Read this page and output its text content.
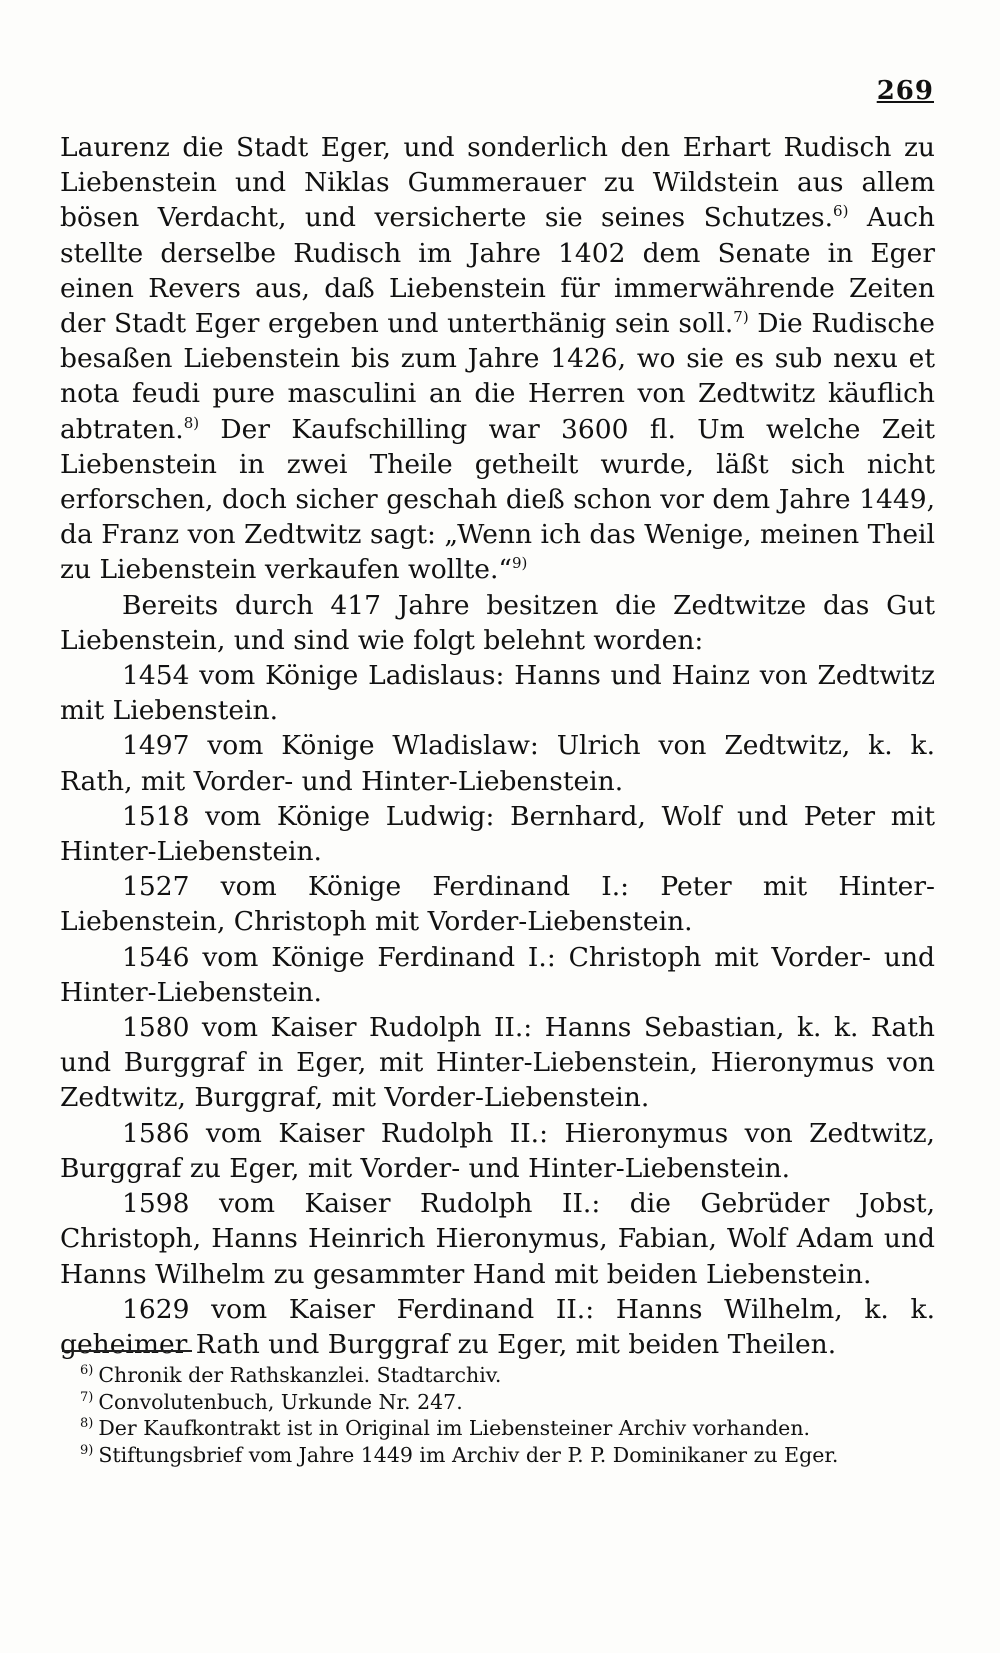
269

Laurenz die Stadt Eger, und sonderlich den Erhart Rudisch zu Liebenstein und Niklas Gummerauer zu Wildstein aus allem bösen Verdacht, und versicherte sie seines Schutzes.$^{6)}$ Auch stellte derselbe Rudisch im Jahre 1402 dem Senate in Eger einen Revers aus, daß Liebenstein für immerwährende Zeiten der Stadt Eger ergeben und unterthänig sein soll.$^{7)}$ Die Rudische besaßen Liebenstein bis zum Jahre 1426, wo sie es sub nexu et nota feudi pure masculini an die Herren von Zedtwitz käuflich abtraten.$^{8)}$ Der Kaufschilling war 3600 fl. Um welche Zeit Liebenstein in zwei Theile getheilt wurde, läßt sich nicht erforschen, doch sicher geschah dieß schon vor dem Jahre 1449, da Franz von Zedtwitz sagt: „Wenn ich das Wenige, meinen Theil zu Liebenstein verkaufen wollte.“$^{9)}$

Bereits durch 417 Jahre besitzen die Zedtwitze das Gut Liebenstein, und sind wie folgt belehnt worden:

1454 vom Könige Ladislaus: Hanns und Hainz von Zedtwitz mit Liebenstein.

1497 vom Könige Wladislaw: Ulrich von Zedtwitz, k. k. Rath, mit Vorder- und Hinter-Liebenstein.

1518 vom Könige Ludwig: Bernhard, Wolf und Peter mit Hinter-Liebenstein.

1527 vom Könige Ferdinand I.: Peter mit Hinter-Liebenstein, Christoph mit Vorder-Liebenstein.

1546 vom Könige Ferdinand I.: Christoph mit Vorder- und Hinter-Liebenstein.

1580 vom Kaiser Rudolph II.: Hanns Sebastian, k. k. Rath und Burggraf in Eger, mit Hinter-Liebenstein, Hieronymus von Zedtwitz, Burggraf, mit Vorder-Liebenstein.

1586 vom Kaiser Rudolph II.: Hieronymus von Zedtwitz, Burggraf zu Eger, mit Vorder- und Hinter-Liebenstein.

1598 vom Kaiser Rudolph II.: die Gebrüder Jobst, Christoph, Hanns Heinrich Hieronymus, Fabian, Wolf Adam und Hanns Wilhelm zu gesammter Hand mit beiden Liebenstein.

1629 vom Kaiser Ferdinand II.: Hanns Wilhelm, k. k. geheimer Rath und Burggraf zu Eger, mit beiden Theilen.

$^{6)}$ Chronik der Rathskanzlei. Stadtarchiv.

$^{7)}$ Convolutenbuch, Urkunde Nr. 247.

$^{8)}$ Der Kaufkontrakt ist in Original im Liebensteiner Archiv vorhanden.

$^{9)}$ Stiftungsbrief vom Jahre 1449 im Archiv der P. P. Dominikaner zu Eger.
